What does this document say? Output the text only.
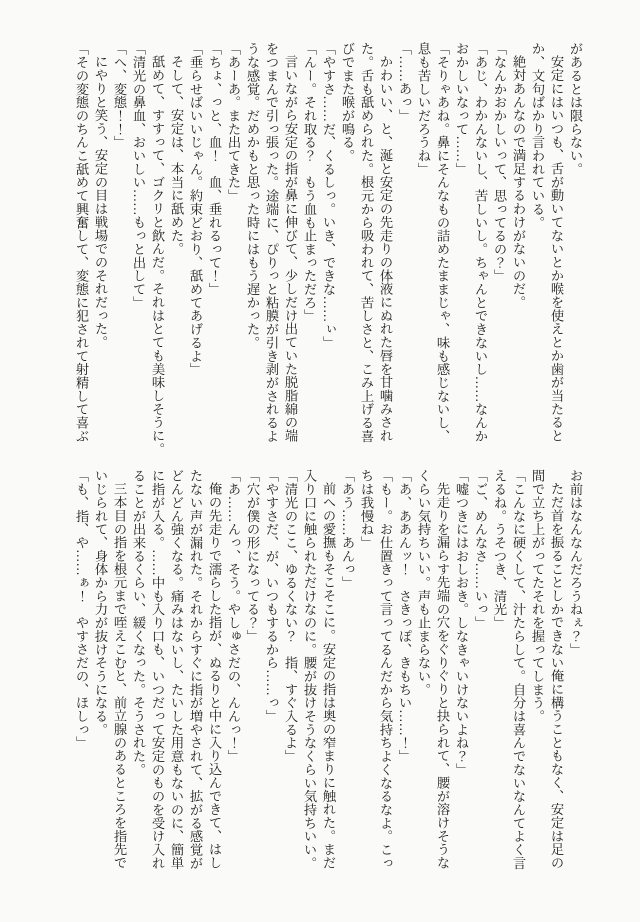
があるとは限らない。
安定にはいつも、舌が動いてないとか喉を使えとか歯が当たると
か、文句ばかり言われている。
絶対あんなので満足するわけがないのだ。
「なんかおかしいって、思ってるの？」
「あじ、わかんないし、苦しいし。ちゃんとできないし……なんか
おかしいなって……」
「そりゃあね。鼻にそんなもの詰めたままじゃ、味も感じないし、
息も苦しいだろうね」
「……あっ」
かわいい、と、涎と安定の先走りの体液にぬれた唇を甘噛みされ
た。舌も舐められた。根元から吸われて、苦しさと、こみ上げる喜
びでまた喉が鳴る。
「やすさ……だ、くるしっ。いき、できな……ぃ」
「んー。それ取る？　もう血も止まっただろ」
言いながら安定の指が鼻に伸びて、少しだけ出ていた脱脂綿の端
をつまんで引っ張った。途端に、ぴりっと粘膜が引き剥がされるよ
うな感覚。だめかもと思った時にはもう遅かった。
「あーあ。また出てきた」
「ちょ、っと、血！　血、垂れるって！」
「垂らせばいいじゃん。約束どおり、舐めてあげるよ」
そして、安定は、本当に舐めた。
舐めて、すすって、ゴクリと飲んだ。それはとても美味しそうに。
「清光の鼻血、おいしい……もっと出して」
「へ、変態！！」
にやりと笑う、安定の目は戦場でのそれだった。
「その変態のちんこ舐めて興奮して、変態に犯されて射精して喜ぶ
お前はなんなんだろうねぇ？」
ただ首を振ることしかできない俺に構うこともなく、安定は足の
間で立ち上がってたそれを握ってしまう。
「こんなに硬くして、汁たらして。自分は喜んでないなんてよく言
えるね。うそつき、清光」
「ご、めんなさ……いっ」
「嘘つきにはおしおき。しなきゃいけないよね？」
先走りを漏らす先端の穴をぐりぐりと抉られて、腰が溶けそうな
くらい気持ちいい。声も止まらない。
「あ、ああんッ！　さきっぽ、きもちい……！」
「もー。お仕置きって言ってるんだから気持ちよくなるなよ。こっ
ちは我慢ね」
「あう……あんっ」
前への愛撫もそこそこに。安定の指は奥の窄まりに触れた。まだ
入り口に触られただけなのに。腰が抜けそうなくらい気持ちいい。
「清光のここ、ゆるくない？　指、すぐ入るよ」
「やすさだ、が、いつもするから……っ」
「穴が僕の形になってる？」
「あ……んっ、そう。やしゅさだの、んんっ！」
俺の先走りで濡らした指が、ぬるりと中に入り込んできて、はし
たない声が漏れた。それからすぐに指が増やされて、拡がる感覚が
どんどん強くなる。痛みはないし、たいした用意もないのに、簡単
に指が入る。……中も入り口も、いつだって安定のものを受け入れ
ることが出来るくらい、緩くなった。そうされた。
三本目の指を根元まで咥えこむと、前立腺のあるところを指先で
いじられて、身体から力が抜けそうになる。
「も、指、や……ぁ！　やすさだの、ほしっ」
